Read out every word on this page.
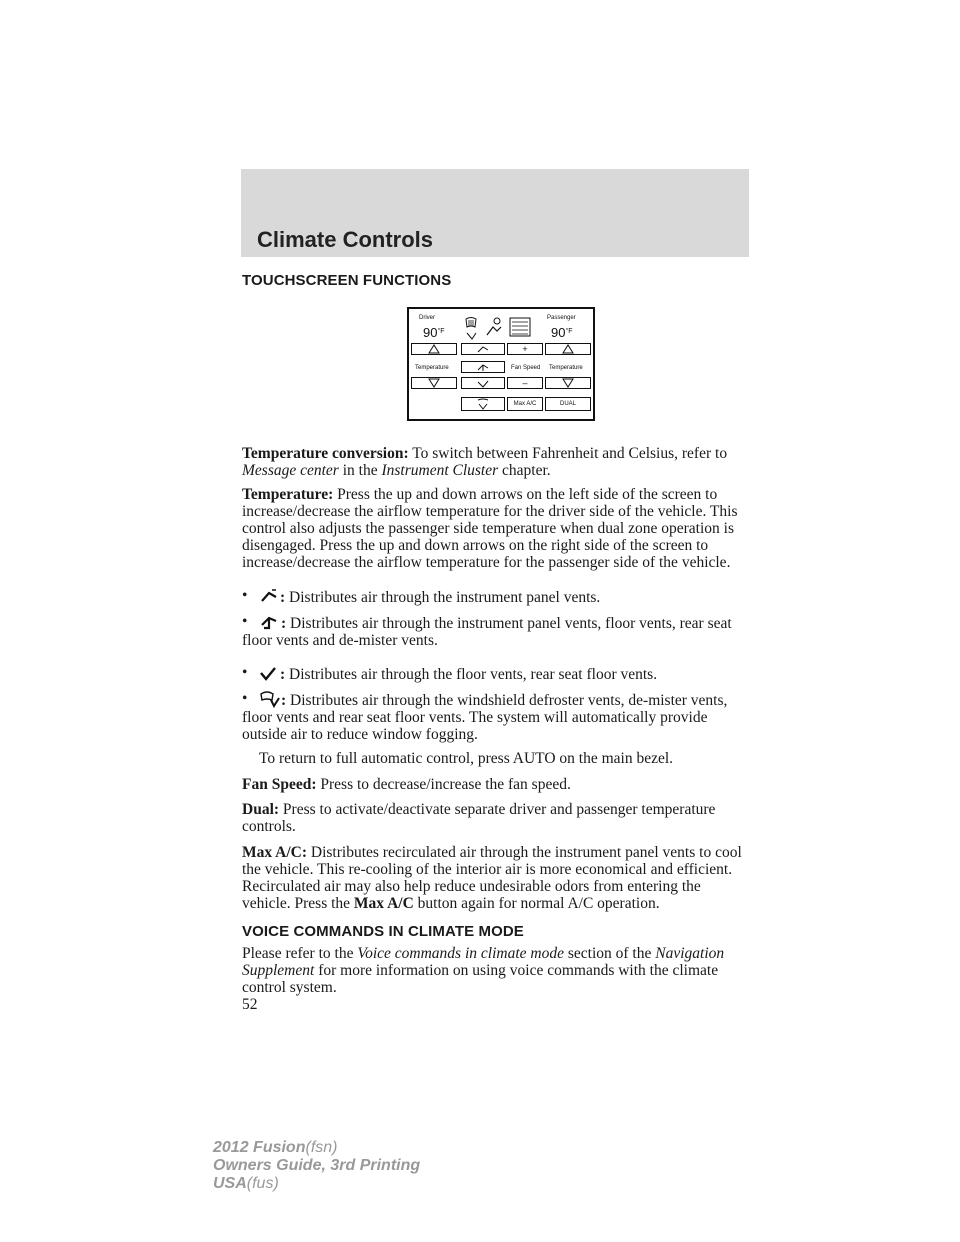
Climate Controls
TOUCHSCREEN FUNCTIONS
Driver	Passenger
$90^{^\circ F}$	$90^{^\circ F}$
+
Temperature	Fan Speed Temperature
–
Max A/C	DUAL
Temperature conversion: To switch between Fahrenheit and Celsius, refer to Message center in the Instrument Cluster chapter.
Temperature: Press the up and down arrows on the left side of the screen to increase/decrease the airflow temperature for the driver side of the vehicle. This control also adjusts the passenger side temperature when dual zone operation is disengaged. Press the up and down arrows on the right side of the screen to increase/decrease the airflow temperature for the passenger side of the vehicle.
• : Distributes air through the instrument panel vents.
• : Distributes air through the instrument panel vents, floor vents, rear seat floor vents and de-mister vents.
• : Distributes air through the floor vents, rear seat floor vents.
• : Distributes air through the windshield defroster vents, de-mister vents, floor vents and rear seat floor vents. The system will automatically provide outside air to reduce window fogging.
To return to full automatic control, press AUTO on the main bezel.
Fan Speed: Press to decrease/increase the fan speed.
Dual: Press to activate/deactivate separate driver and passenger temperature controls.
Max A/C: Distributes recirculated air through the instrument panel vents to cool the vehicle. This re-cooling of the interior air is more economical and efficient. Recirculated air may also help reduce undesirable odors from entering the vehicle. Press the Max A/C button again for normal A/C operation.
VOICE COMMANDS IN CLIMATE MODE
Please refer to the Voice commands in climate mode section of the Navigation Supplement for more information on using voice commands with the climate control system.
52
2012 Fusion(fsn)
Owners Guide, 3rd Printing
USA(fus)
